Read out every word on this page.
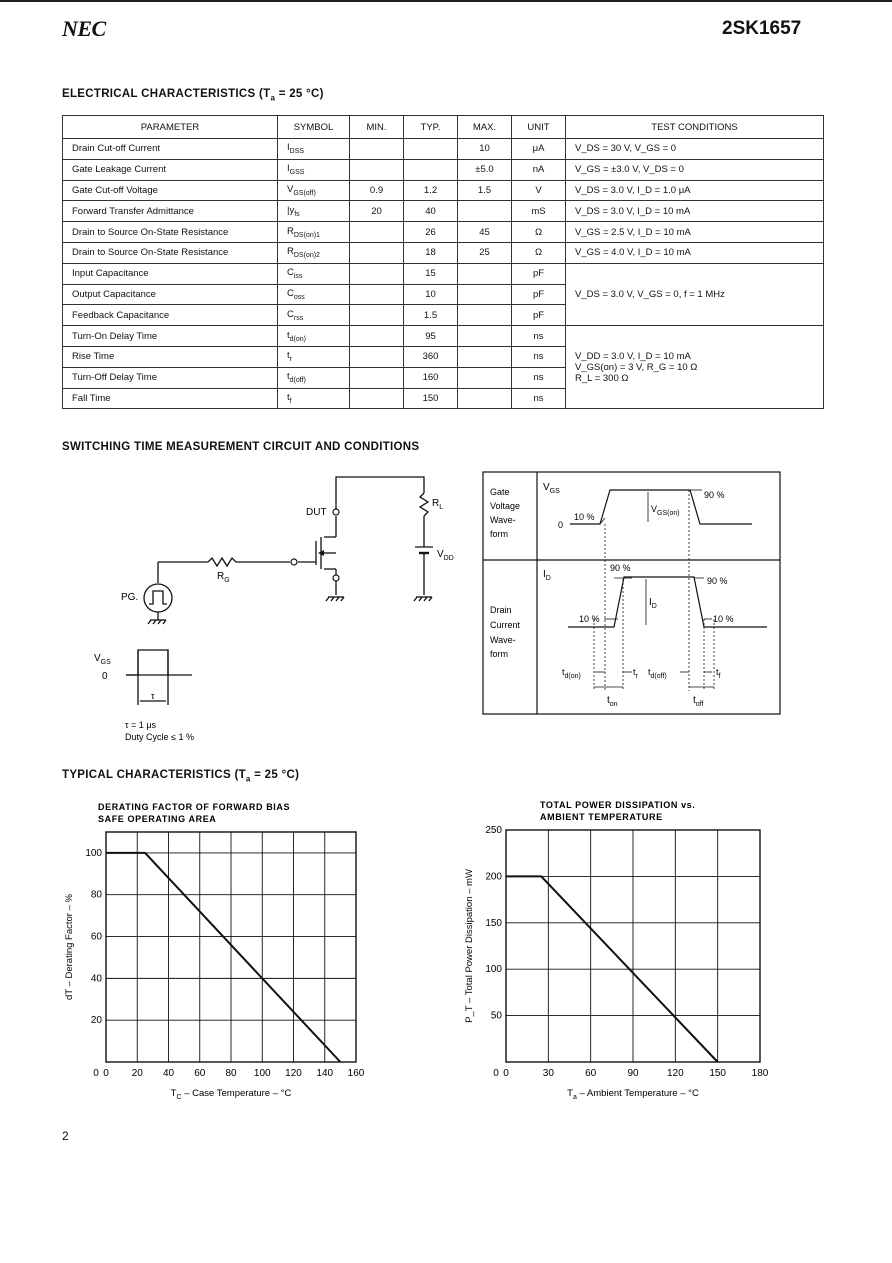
NEC	2SK1657
ELECTRICAL CHARACTERISTICS ($T_a = 25$ °C)
PARAMETER	SYMBOL	MIN.	TYP.	MAX.	UNIT	TEST CONDITIONS
Drain Cut-off Current	$I_{DSS}$			10	μA	V_DS = 30 V, V_GS = 0
Gate Leakage Current	$I_{GSS}$			±5.0	nA	V_GS = ±3.0 V, V_DS = 0
Gate Cut-off Voltage	$V_{GS(off)}$	0.9	1.2	1.5	V	V_DS = 3.0 V, I_D = 1.0 μA
Forward Transfer Admittance	$|y_{fs}$	20	40		mS	V_DS = 3.0 V, I_D = 10 mA
Drain to Source On-State Resistance	$R_{DS(on)1}$		26	45	Ω	V_GS = 2.5 V, I_D = 10 mA
Drain to Source On-State Resistance	$R_{DS(on)2}$		18	25	Ω	V_GS = 4.0 V, I_D = 10 mA
Input Capacitance	$C_{iss}$		15		pF	V_DS = 3.0 V, V_GS = 0, f = 1 MHz
Output Capacitance	$C_{oss}$		10		pF	
Feedback Capacitance	$C_{rss}$		1.5		pF	
Turn-On Delay Time	$t_{d(on)}$		95		ns	V_DD = 3.0 V, I_D = 10 mA
V_GS(on) = 3 V, R_G = 10 Ω
R_L = 300 Ω

Rise Time	$t_r$		360		ns	
Turn-Off Delay Time	$t_{d(off)}$		160		ns	
Fall Time	$t_f$		150		ns	
SWITCHING TIME MEASUREMENT CIRCUIT AND CONDITIONS
DUT
$R_L$
$V_{DD}$
$R_G$
PG.
$V_{GS}$
0
τ
τ = 1 μs
Duty Cycle ≤ 1 %
Gate
Voltage
Wave-
form
Drain
Current
Wave-
form
$V_{GS}$
0
10 %
90 %
$V_{GS(on)}$
$I_D$
90 %
90 %
$I_D$
10 %	10 %
$t_{d(on)}$	$t_r$ $t_{d(off)}$	$t_f$
$t_{on}$	$t_{off}$
TYPICAL CHARACTERISTICS ($T_a = 25$ °C)
DERATING FACTOR OF FORWARD BIAS
SAFE OPERATING AREA
0 20 40 60 80 100 120 140 160
20
40
60
80
100
0
$T_C$ – Case Temperature – °C
dT – Derating Factor – %
TOTAL POWER DISSIPATION vs.
AMBIENT TEMPERATURE
0	30	60	90	120	150	180
50
100
150
200
250
0
$T_a$ – Ambient Temperature – °C
P_T – Total Power Dissipation – mW
2
